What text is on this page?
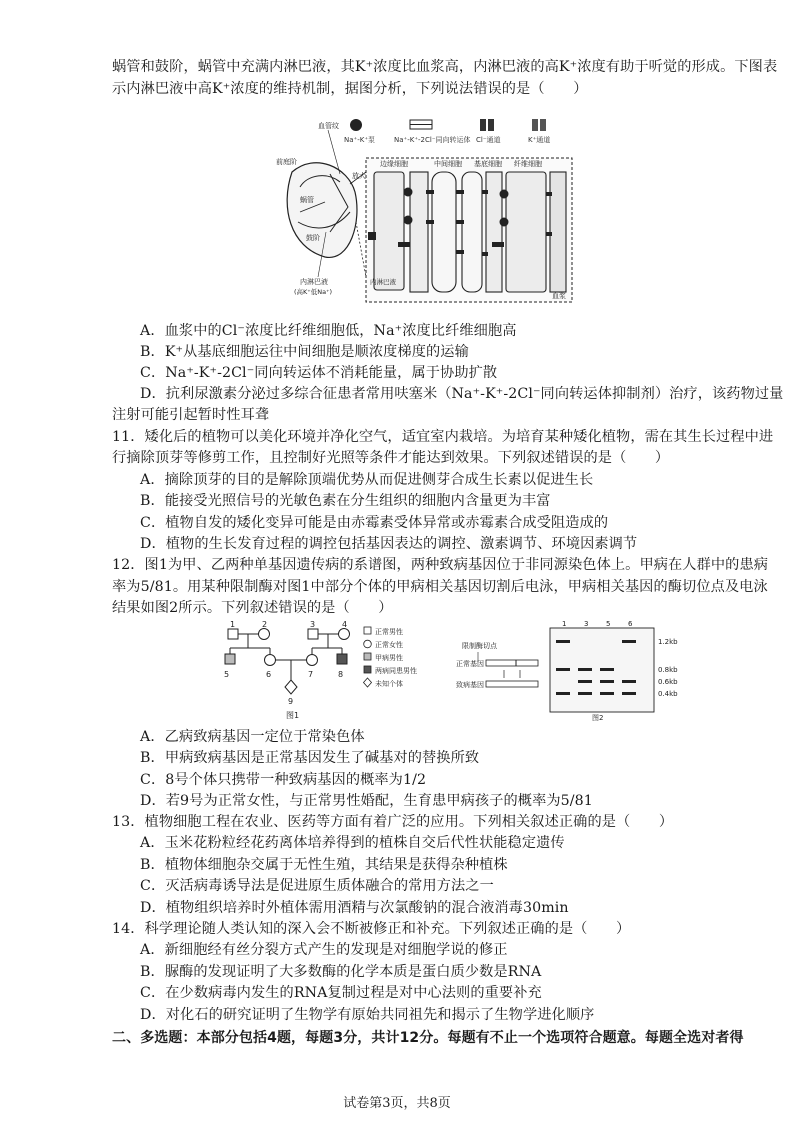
蜗管和鼓阶，蜗管中充满内淋巴液，其K⁺浓度比血浆高，内淋巴液的高K⁺浓度有助于听觉的形成。下图表
示内淋巴液中高K⁺浓度的维持机制，据图分析，下列说法错误的是（　　）
Na⁺-K⁺泵	Na⁺-K⁺-2Cl⁻同向转运体 Cl⁻通道	K⁺通道
血管纹
前庭阶
蜗管
鼓阶
内淋巴液
(高K⁺低Na⁺)
放大
边缘细胞	中间细胞 基底细胞 纤维细胞
内淋巴液
血浆
A．血浆中的Cl⁻浓度比纤维细胞低，Na⁺浓度比纤维细胞高
B．K⁺从基底细胞运往中间细胞是顺浓度梯度的运输
C．Na⁺-K⁺-2Cl⁻同向转运体不消耗能量，属于协助扩散
D．抗利尿激素分泌过多综合征患者常用呋塞米（Na⁺-K⁺-2Cl⁻同向转运体抑制剂）治疗，该药物过量
注射可能引起暂时性耳聋
11．矮化后的植物可以美化环境并净化空气，适宜室内栽培。为培育某种矮化植物，需在其生长过程中进
行摘除顶芽等修剪工作，且控制好光照等条件才能达到效果。下列叙述错误的是（　　）
A．摘除顶芽的目的是解除顶端优势从而促进侧芽合成生长素以促进生长
B．能接受光照信号的光敏色素在分生组织的细胞内含量更为丰富
C．植物自发的矮化变异可能是由赤霉素受体异常或赤霉素合成受阻造成的
D．植物的生长发育过程的调控包括基因表达的调控、激素调节、环境因素调节
12．图1为甲、乙两种单基因遗传病的系谱图，两种致病基因位于非同源染色体上。甲病在人群中的患病
率为5/81。用某种限制酶对图1中部分个体的甲病相关基因切割后电泳，甲病相关基因的酶切位点及电泳
结果如图2所示。下列叙述错误的是（　　）
1	2	3	4
5	6	7	8
9
图1
正常男性
正常女性
甲病男性
两病同患男性
未知个体
限制酶切点
正常基因
致病基因
1	3	5	6
1.2kb
0.8kb
0.6kb
0.4kb
图2
A．乙病致病基因一定位于常染色体
B．甲病致病基因是正常基因发生了碱基对的替换所致
C．8号个体只携带一种致病基因的概率为1/2
D．若9号为正常女性，与正常男性婚配，生育患甲病孩子的概率为5/81
13．植物细胞工程在农业、医药等方面有着广泛的应用。下列相关叙述正确的是（　　）
A．玉米花粉粒经花药离体培养得到的植株自交后代性状能稳定遗传
B．植物体细胞杂交属于无性生殖，其结果是获得杂种植株
C．灭活病毒诱导法是促进原生质体融合的常用方法之一
D．植物组织培养时外植体需用酒精与次氯酸钠的混合液消毒30min
14．科学理论随人类认知的深入会不断被修正和补充。下列叙述正确的是（　　）
A．新细胞经有丝分裂方式产生的发现是对细胞学说的修正
B．脲酶的发现证明了大多数酶的化学本质是蛋白质少数是RNA
C．在少数病毒内发生的RNA复制过程是对中心法则的重要补充
D．对化石的研究证明了生物学有原始共同祖先和揭示了生物学进化顺序
二、多选题：本部分包括4题，每题3分，共计12分。每题有不止一个选项符合题意。每题全选对者得
试卷第3页，共8页
